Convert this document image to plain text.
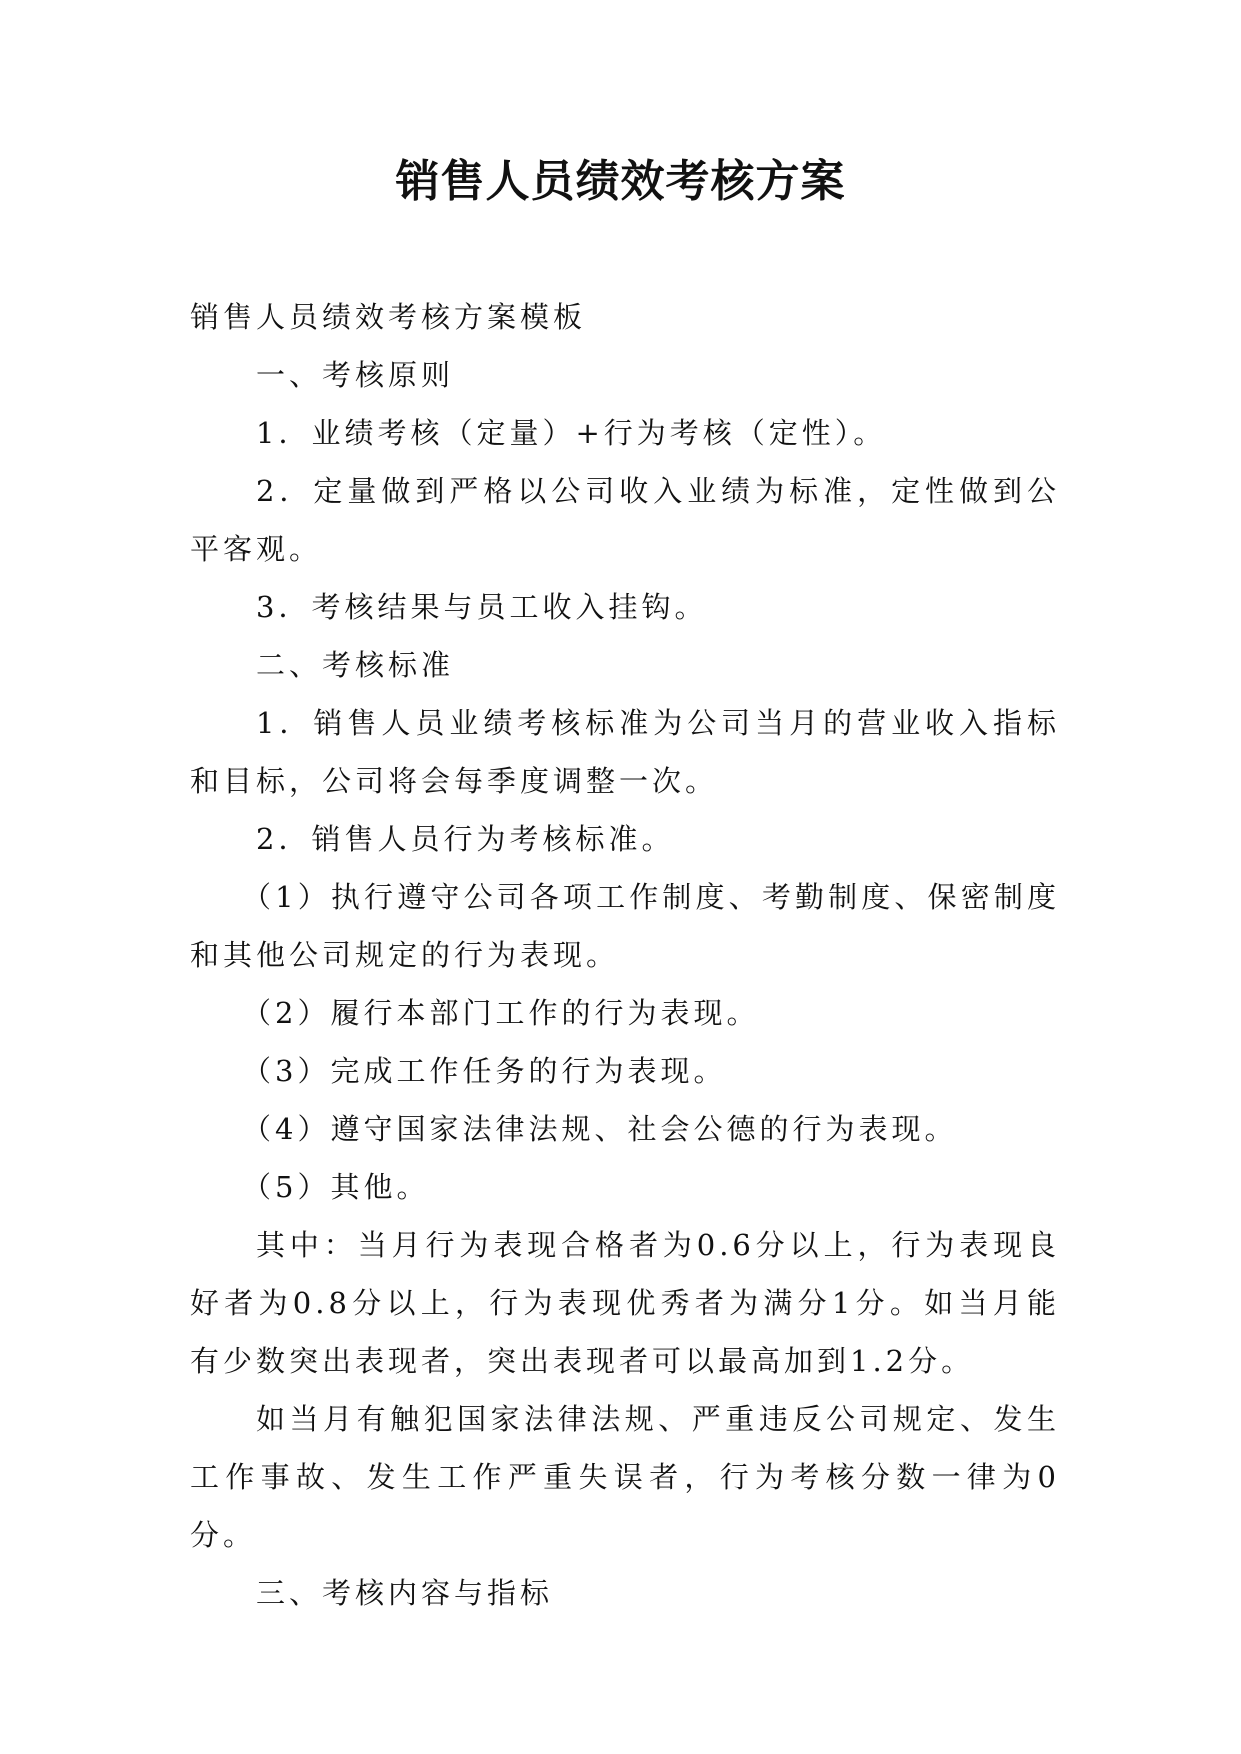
销售人员绩效考核方案

销售人员绩效考核方案模板

一、考核原则

1．业绩考核（定量）+行为考核（定性）。

2．定量做到严格以公司收入业绩为标准，定性做到公平客观。

3．考核结果与员工收入挂钩。

二、考核标准

1．销售人员业绩考核标准为公司当月的营业收入指标和目标，公司将会每季度调整一次。

2．销售人员行为考核标准。

（1）执行遵守公司各项工作制度、考勤制度、保密制度和其他公司规定的行为表现。

（2）履行本部门工作的行为表现。

（3）完成工作任务的行为表现。

（4）遵守国家法律法规、社会公德的行为表现。

（5）其他。

其中：当月行为表现合格者为0.6分以上，行为表现良好者为0.8分以上，行为表现优秀者为满分1分。如当月能有少数突出表现者，突出表现者可以最高加到1.2分。

如当月有触犯国家法律法规、严重违反公司规定、发生工作事故、发生工作严重失误者，行为考核分数一律为0分。

三、考核内容与指标
